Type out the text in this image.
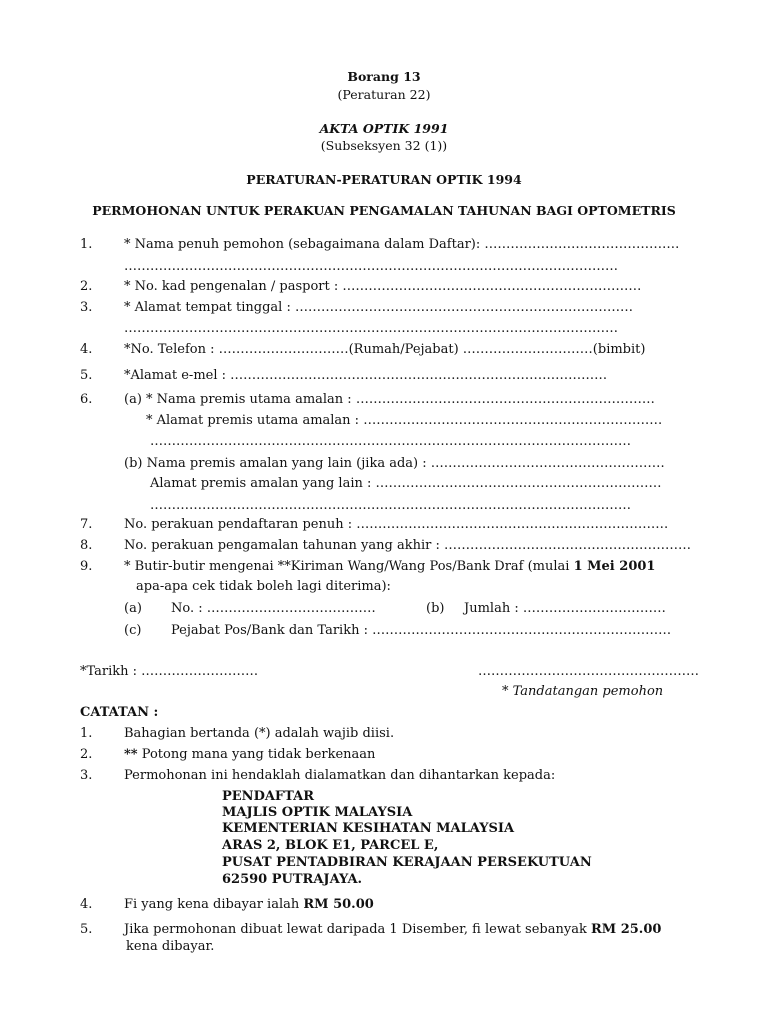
Borang 13
(Peraturan 22)
AKTA OPTIK 1991
(Subseksyen 32 (1))
PERATURAN-PERATURAN OPTIK 1994
PERMOHONAN UNTUK PERAKUAN PENGAMALAN TAHUNAN BAGI OPTOMETRIS
1. * Nama penuh pemohon (sebagaimana dalam Daftar): ………………………………………
……………………………………………………………………………………………………
2. * No. kad pengenalan / pasport : ……………………………………………………………
3. * Alamat tempat tinggal : ……………………………………………………………………
……………………………………………………………………………………………………
4. *No. Telefon : …………………………(Rumah/Pejabat) …………………………(bimbit)
5. *Alamat e-mel : ……………………………………………………………………………
6. (a) * Nama premis utama amalan : ……………………………………………………………
* Alamat premis utama amalan : ……………………………………………………………
…………………………………………………………………………………………………
(b) Nama premis amalan yang lain (jika ada) : ………………………………………………
Alamat premis amalan yang lain : …………………………………………………………
…………………………………………………………………………………………………
7. No. perakuan pendaftaran penuh : ………………………………………………………………
8. No. perakuan pengamalan tahunan yang akhir : …………………………………………………
9. * Butir-butir mengenai **Kiriman Wang/Wang Pos/Bank Draf (mulai 1 Mei 2001
apa-apa cek tidak boleh lagi diterima):
(a) No. : …………………………………	(b) Jumlah : ……………………………
(c) Pejabat Pos/Bank dan Tarikh : ……………………………………………………………
*Tarikh : ………………………	……………………………………………
* Tandatangan pemohon
CATATAN :
1. Bahagian bertanda (*) adalah wajib diisi.
2. ** Potong mana yang tidak berkenaan
3. Permohonan ini hendaklah dialamatkan dan dihantarkan kepada:
PENDAFTAR
MAJLIS OPTIK MALAYSIA
KEMENTERIAN KESIHATAN MALAYSIA
ARAS 2, BLOK E1, PARCEL E,
PUSAT PENTADBIRAN KERAJAAN PERSEKUTUAN
62590 PUTRAJAYA.
4. Fi yang kena dibayar ialah RM 50.00
5. Jika permohonan dibuat lewat daripada 1 Disember, fi lewat sebanyak RM 25.00
kena dibayar.
